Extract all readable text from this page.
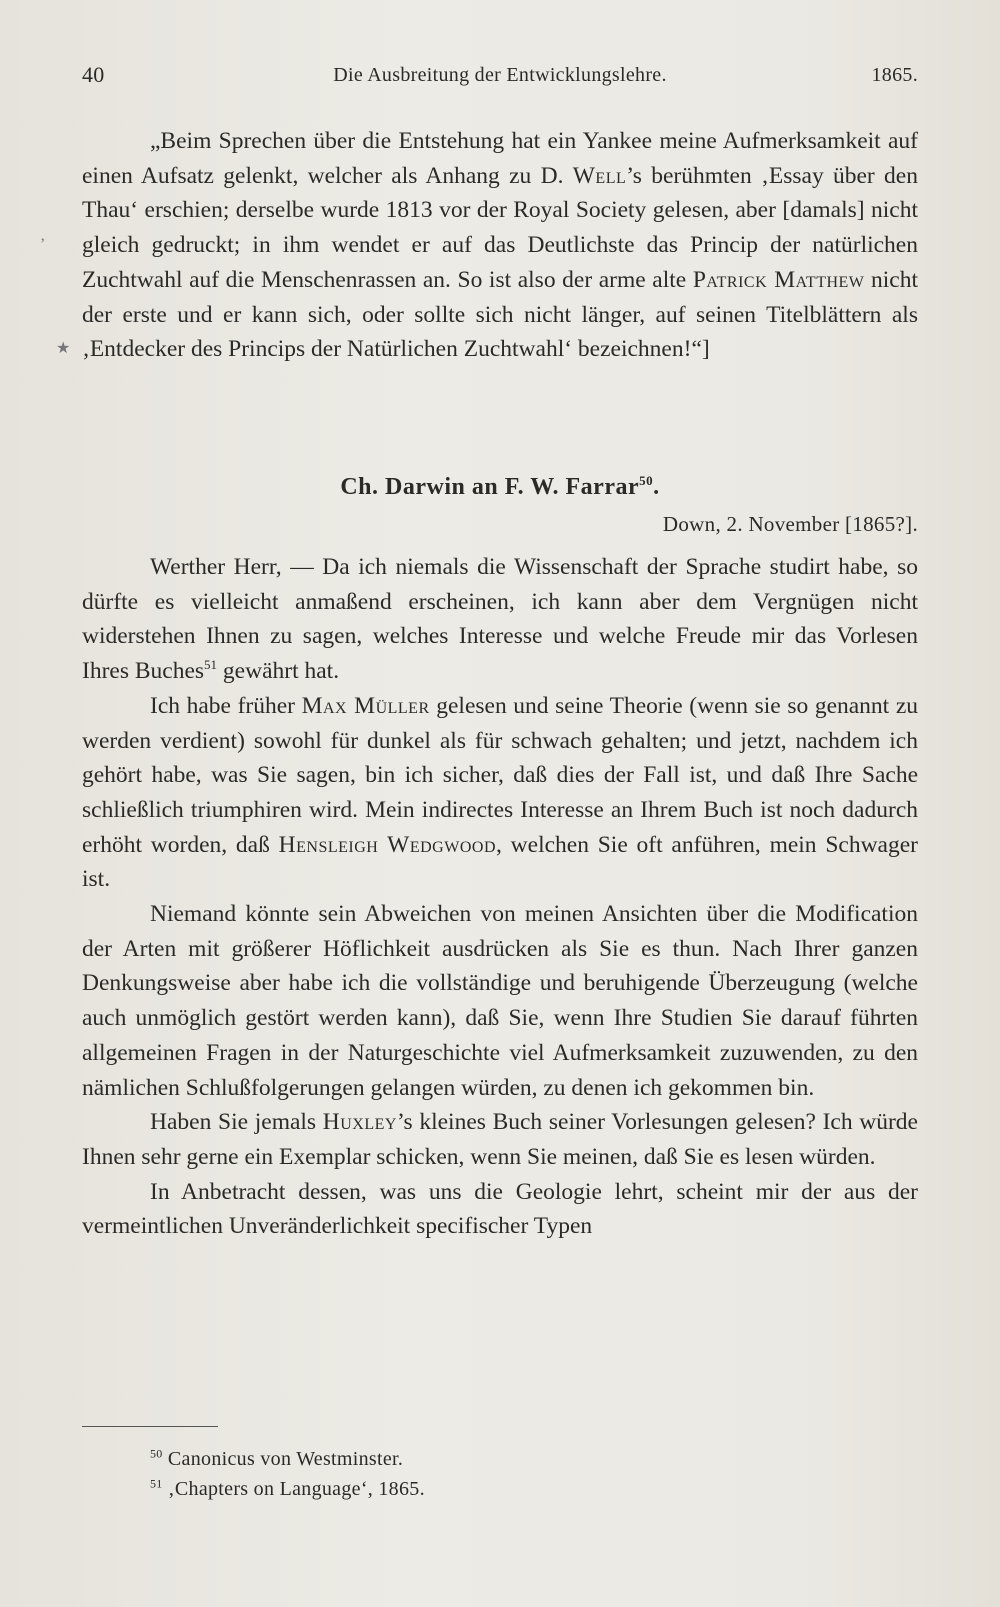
40	Die Ausbreitung der Entwicklungslehre.	1865.

„Beim Sprechen über die Entstehung hat ein Yankee meine Aufmerksamkeit auf einen Aufsatz gelenkt, welcher als Anhang zu D. Well’s berühmten ‚Essay über den Thau‘ erschien; derselbe wurde 1813 vor der Royal Society gelesen, aber [damals] nicht gleich gedruckt; in ihm wendet er auf das Deutlichste das Princip der natürlichen Zuchtwahl auf die Menschenrassen an. So ist also der arme alte Patrick Matthew nicht der erste und er kann sich, oder sollte sich nicht länger, auf seinen Titelblättern als ‚Entdecker des Princips der Natürlichen Zuchtwahl‘ bezeichnen!“]

Ch. Darwin an F. W. Farrar$^{50}$.
Down, 2. November [1865?].

Werther Herr, — Da ich niemals die Wissenschaft der Sprache studirt habe, so dürfte es vielleicht anmaßend erscheinen, ich kann aber dem Vergnügen nicht widerstehen Ihnen zu sagen, welches Interesse und welche Freude mir das Vorlesen Ihres Buches$^{51}$ gewährt hat.

Ich habe früher Max Müller gelesen und seine Theorie (wenn sie so genannt zu werden verdient) sowohl für dunkel als für schwach gehalten; und jetzt, nachdem ich gehört habe, was Sie sagen, bin ich sicher, daß dies der Fall ist, und daß Ihre Sache schließlich triumphiren wird. Mein indirectes Interesse an Ihrem Buch ist noch dadurch erhöht worden, daß Hensleigh Wedgwood, welchen Sie oft anführen, mein Schwager ist.

Niemand könnte sein Abweichen von meinen Ansichten über die Modification der Arten mit größerer Höflichkeit ausdrücken als Sie es thun. Nach Ihrer ganzen Denkungsweise aber habe ich die vollständige und beruhigende Überzeugung (welche auch unmöglich gestört werden kann), daß Sie, wenn Ihre Studien Sie darauf führten allgemeinen Fragen in der Naturgeschichte viel Aufmerksamkeit zuzuwenden, zu den nämlichen Schlußfolgerungen gelangen würden, zu denen ich gekommen bin.

Haben Sie jemals Huxley’s kleines Buch seiner Vorlesungen gelesen? Ich würde Ihnen sehr gerne ein Exemplar schicken, wenn Sie meinen, daß Sie es lesen würden.

In Anbetracht dessen, was uns die Geologie lehrt, scheint mir der aus der vermeintlichen Unveränderlichkeit specifischer Typen

$^{50}$ Canonicus von Westminster.

$^{51}$ ‚Chapters on Language‘, 1865.

’
★
